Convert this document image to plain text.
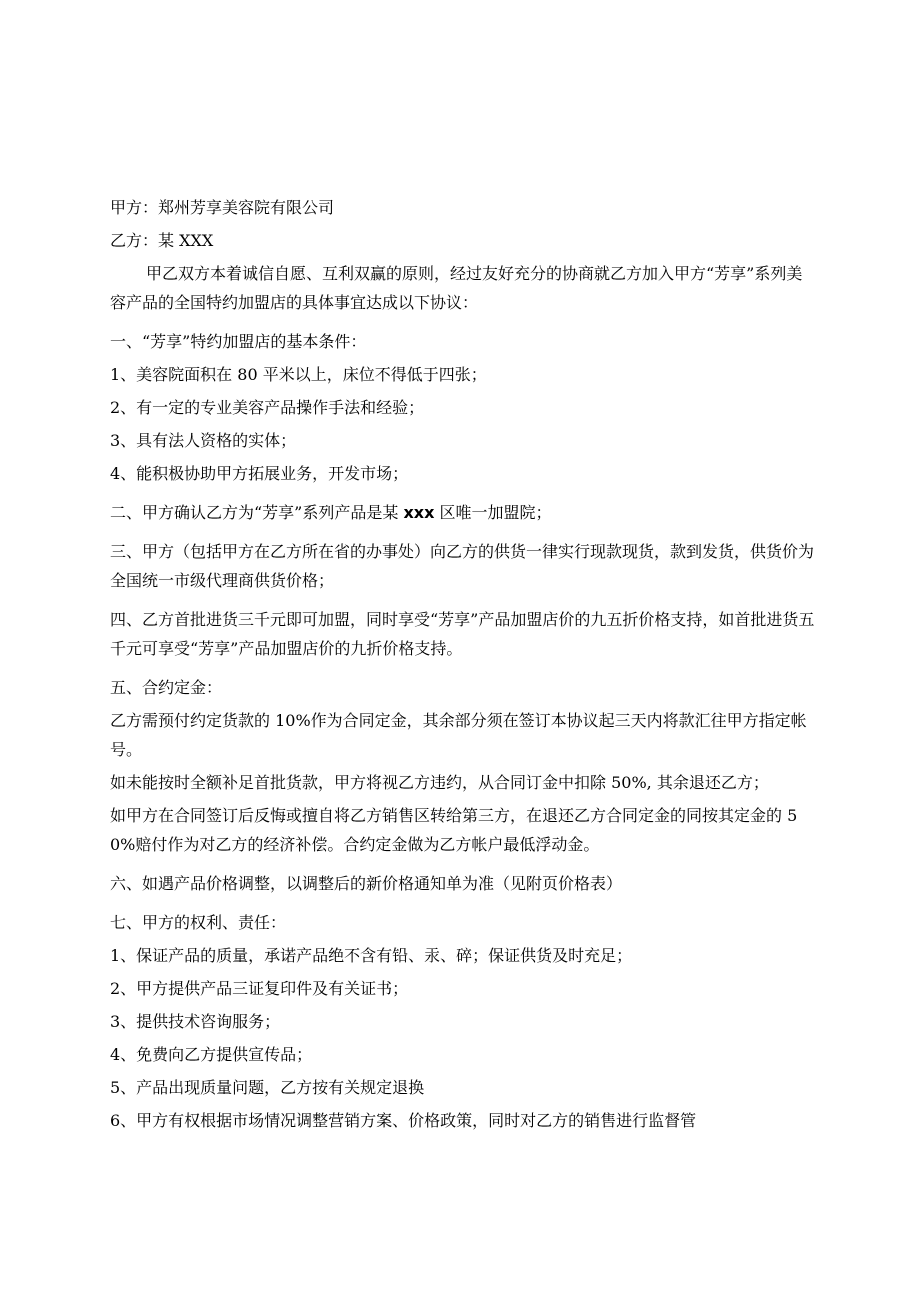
甲方：郑州芳享美容院有限公司

乙方：某 XXX

甲乙双方本着诚信自愿、互利双赢的原则，经过友好充分的协商就乙方加入甲方“芳享”系列美容产品的全国特约加盟店的具体事宜达成以下协议：

一、“芳享”特约加盟店的基本条件：

1、美容院面积在 80 平米以上，床位不得低于四张；

2、有一定的专业美容产品操作手法和经验；

3、具有法人资格的实体；

4、能积极协助甲方拓展业务，开发市场；

二、甲方确认乙方为“芳享”系列产品是某 xxx 区唯一加盟院；

三、甲方（包括甲方在乙方所在省的办事处）向乙方的供货一律实行现款现货，款到发货，供货价为全国统一市级代理商供货价格；

四、乙方首批进货三千元即可加盟，同时享受“芳享”产品加盟店价的九五折价格支持，如首批进货五千元可享受“芳享”产品加盟店价的九折价格支持。

五、合约定金：

乙方需预付约定货款的 10%作为合同定金，其余部分须在签订本协议起三天内将款汇往甲方指定帐号。

如未能按时全额补足首批货款，甲方将视乙方违约，从合同订金中扣除 50%, 其余退还乙方；

如甲方在合同签订后反悔或擅自将乙方销售区转给第三方，在退还乙方合同定金的同按其定金的 50%赔付作为对乙方的经济补偿。合约定金做为乙方帐户最低浮动金。

六、如遇产品价格调整，以调整后的新价格通知单为准（见附页价格表）

七、甲方的权利、责任：

1、保证产品的质量，承诺产品绝不含有铅、汞、碎；保证供货及时充足；

2、甲方提供产品三证复印件及有关证书；

3、提供技术咨询服务；

4、免费向乙方提供宣传品；

5、产品出现质量问题，乙方按有关规定退换

6、甲方有权根据市场情况调整营销方案、价格政策，同时对乙方的销售进行监督管
